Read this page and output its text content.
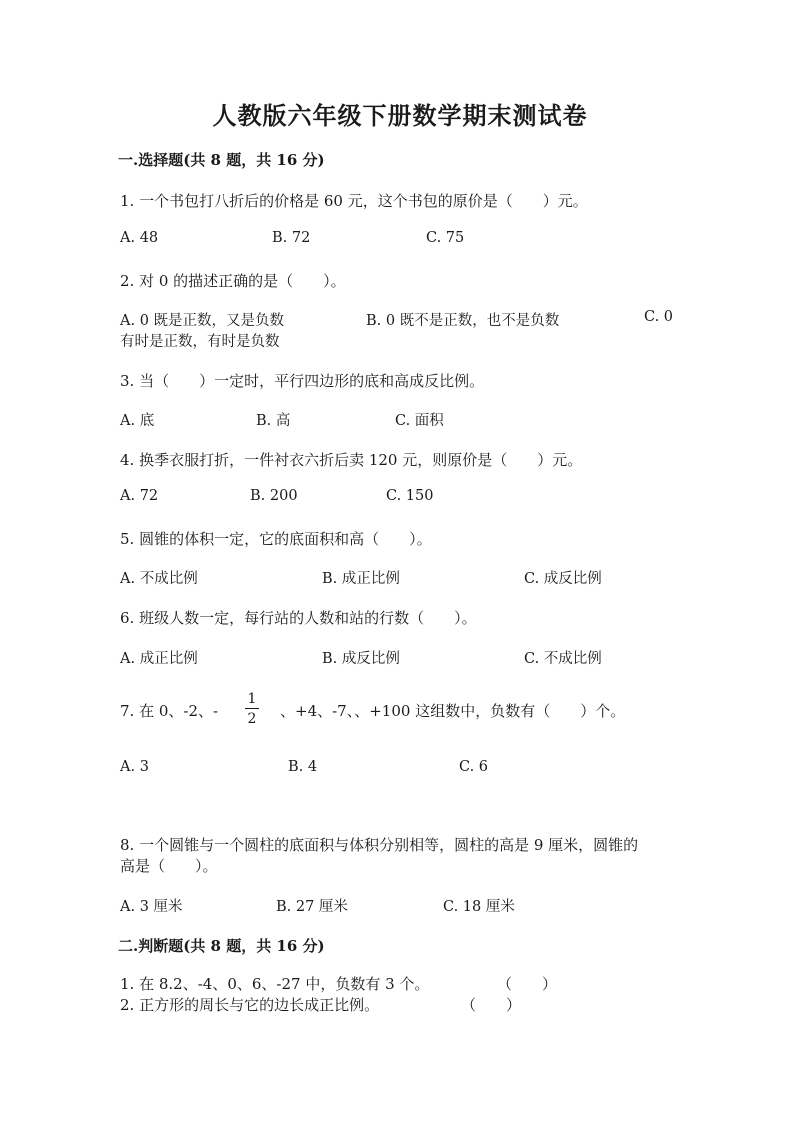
人教版六年级下册数学期末测试卷
一.选择题(共 8 题，共 16 分)
1. 一个书包打八折后的价格是 60 元，这个书包的原价是（　　）元。
A. 48	B. 72	C. 75
2. 对 0 的描述正确的是（　　）。
A. 0 既是正数，又是负数	B. 0 既不是正数，也不是负数	C. 0
有时是正数，有时是负数
3. 当（　　）一定时，平行四边形的底和高成反比例。
A. 底	B. 高	C. 面积
4. 换季衣服打折，一件衬衣六折后卖 120 元，则原价是（　　）元。
A. 72	B. 200	C. 150
5. 圆锥的体积一定，它的底面积和高（　　）。
A. 不成比例	B. 成正比例	C. 成反比例
6. 班级人数一定，每行站的人数和站的行数（　　）。
A. 成正比例	B. 成反比例	C. 不成比例
7. 在 0、-2、-
1
2 、+4、-7、、+100 这组数中，负数有（　　）个。
A. 3	B. 4	C. 6
8. 一个圆锥与一个圆柱的底面积与体积分别相等，圆柱的高是 9 厘米，圆锥的
高是（　　）。
A. 3 厘米	B. 27 厘米	C. 18 厘米
二.判断题(共 8 题，共 16 分)
1. 在 8.2、-4、0、6、-27 中，负数有 3 个。	（　　）
2. 正方形的周长与它的边长成正比例。	（　　）
